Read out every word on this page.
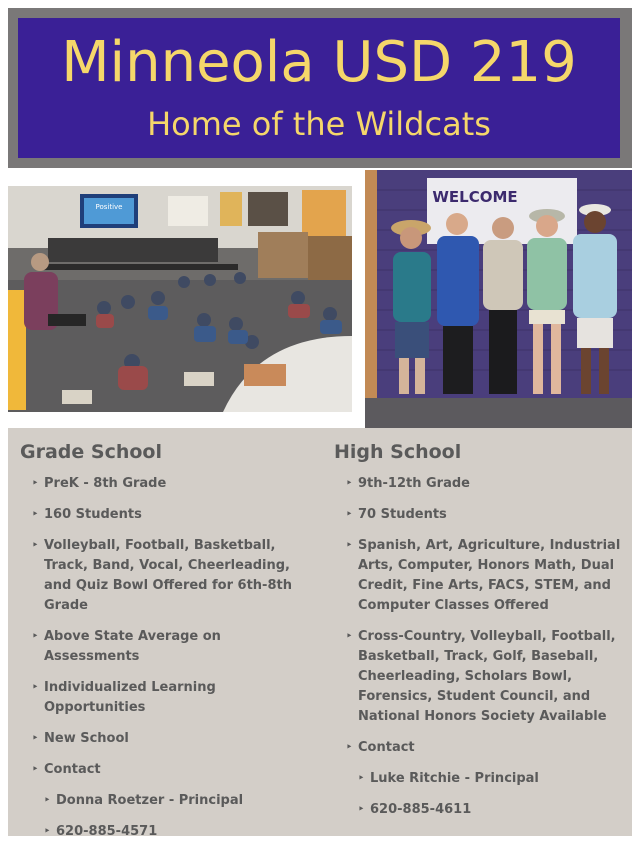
Minneola USD 219
Home of the Wildcats
Positive
WELCOME
Grade School
‣ PreK - 8th Grade
‣ 160 Students
‣ Volleyball, Football, Basketball, Track, Band, Vocal, Cheerleading, and Quiz Bowl Offered for 6th-8th Grade
‣ Above State Average on Assessments
‣ Individualized Learning Opportunities
‣ New School
‣ Contact
‣ Donna Roetzer - Principal
‣ 620-885-4571
High School
‣ 9th-12th Grade
‣ 70 Students
‣ Spanish, Art, Agriculture, Industrial Arts, Computer, Honors Math, Dual Credit, Fine Arts, FACS, STEM, and Computer Classes Offered
‣ Cross-Country, Volleyball, Football, Basketball, Track, Golf, Baseball, Cheerleading, Scholars Bowl, Forensics, Student Council, and National Honors Society Available
‣ Contact
‣ Luke Ritchie - Principal
‣ 620-885-4611
